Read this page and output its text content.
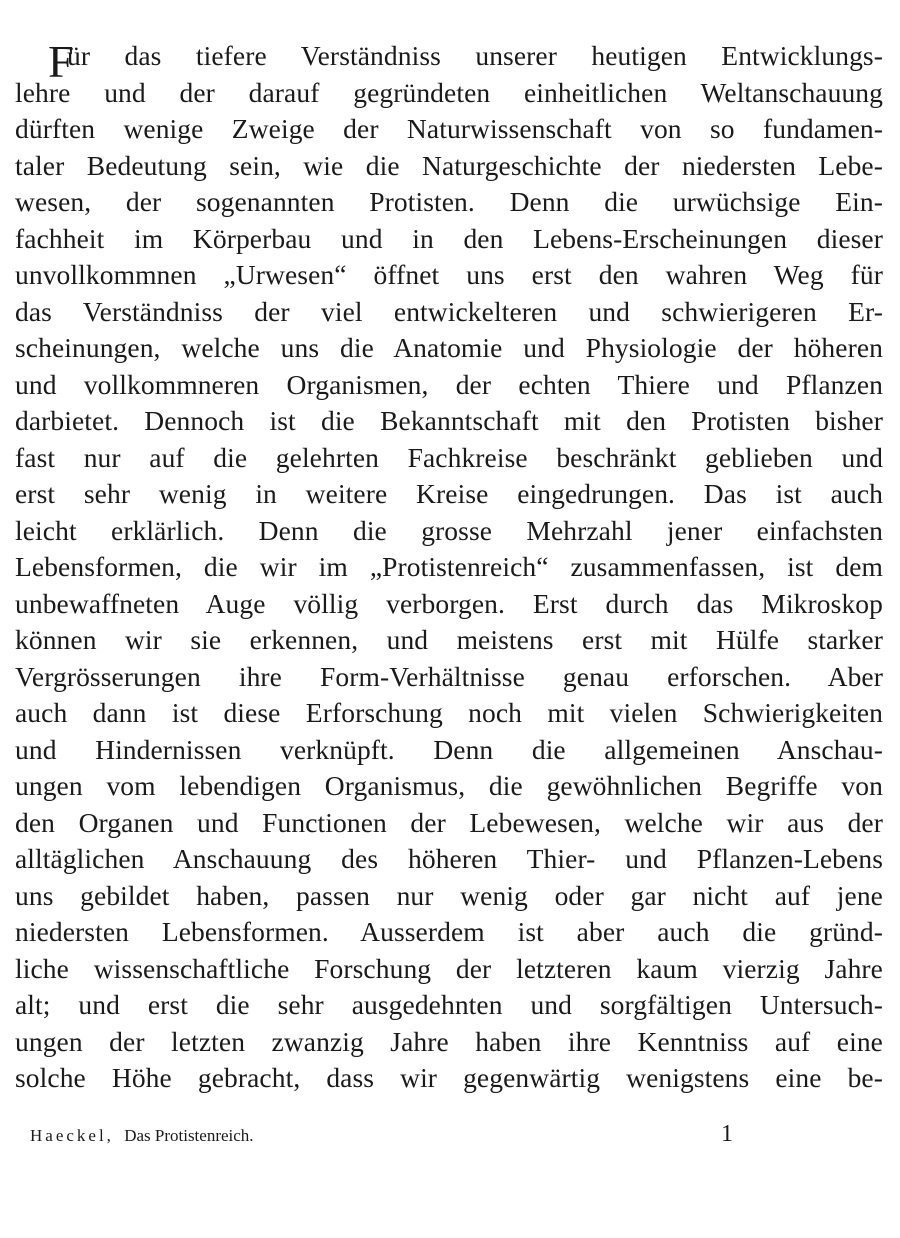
F
ür das tiefere Verständniss unserer heutigen Entwicklungs-
lehre und der darauf gegründeten einheitlichen Weltanschauung
dürften wenige Zweige der Naturwissenschaft von so fundamen-
taler Bedeutung sein, wie die Naturgeschichte der niedersten Lebe-
wesen, der sogenannten Protisten. Denn die urwüchsige Ein-
fachheit im Körperbau und in den Lebens-Erscheinungen dieser
unvollkommnen „Urwesen“ öffnet uns erst den wahren Weg für
das Verständniss der viel entwickelteren und schwierigeren Er-
scheinungen, welche uns die Anatomie und Physiologie der höheren
und vollkommneren Organismen, der echten Thiere und Pflanzen
darbietet. Dennoch ist die Bekanntschaft mit den Protisten bisher
fast nur auf die gelehrten Fachkreise beschränkt geblieben und
erst sehr wenig in weitere Kreise eingedrungen. Das ist auch
leicht erklärlich. Denn die grosse Mehrzahl jener einfachsten
Lebensformen, die wir im „Protistenreich“ zusammenfassen, ist dem
unbewaffneten Auge völlig verborgen. Erst durch das Mikroskop
können wir sie erkennen, und meistens erst mit Hülfe starker
Vergrösserungen ihre Form-Verhältnisse genau erforschen. Aber
auch dann ist diese Erforschung noch mit vielen Schwierigkeiten
und Hindernissen verknüpft. Denn die allgemeinen Anschau-
ungen vom lebendigen Organismus, die gewöhnlichen Begriffe von
den Organen und Functionen der Lebewesen, welche wir aus der
alltäglichen Anschauung des höheren Thier- und Pflanzen-Lebens
uns gebildet haben, passen nur wenig oder gar nicht auf jene
niedersten Lebensformen. Ausserdem ist aber auch die gründ-
liche wissenschaftliche Forschung der letzteren kaum vierzig Jahre
alt; und erst die sehr ausgedehnten und sorgfältigen Untersuch-
ungen der letzten zwanzig Jahre haben ihre Kenntniss auf eine
solche Höhe gebracht, dass wir gegenwärtig wenigstens eine be-
Haeckel, Das Protistenreich.	1
